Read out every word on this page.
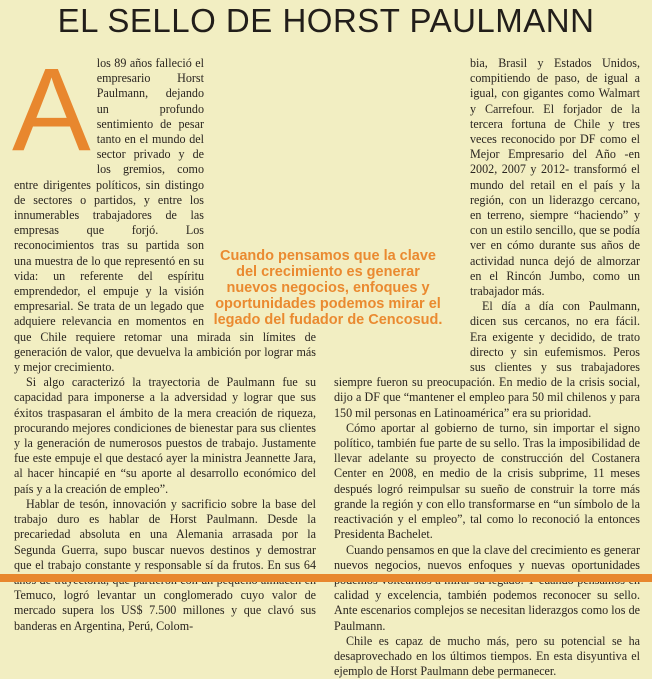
EL SELLO DE HORST PAULMANN
A los 89 años falleció el empresario Horst Paulmann, dejando un profundo sentimiento de pesar tanto en el mundo del sector privado y de los gremios, como entre dirigentes políticos, sin distingo de sectores o partidos, y entre los innumerables trabajadores de las empresas que forjó. Los reconocimientos tras su partida son una muestra de lo que representó en su vida: un referente del espíritu emprendedor, el empuje y la visión empresarial. Se trata de un legado que adquiere relevancia en momentos en que Chile requiere retomar una mirada sin límites de generación de valor, que devuelva la ambición por lograr más y mejor crecimiento.

Si algo caracterizó la trayectoria de Paulmann fue su capacidad para imponerse a la adversidad y lograr que sus éxitos traspasaran el ámbito de la mera creación de riqueza, procurando mejores condiciones de bienestar para sus clientes y la generación de numerosos puestos de trabajo. Justamente fue este empuje el que destacó ayer la ministra Jeannette Jara, al hacer hincapié en “su aporte al desarrollo económico del país y a la creación de empleo”.

Hablar de tesón, innovación y sacrificio sobre la base del trabajo duro es hablar de Horst Paulmann. Desde la precariedad absoluta en una Alemania arrasada por la Segunda Guerra, supo buscar nuevos destinos y demostrar que el trabajo constante y responsable sí da frutos. En sus 64 Temuco, logró levantar un conglomerado cuyo valor de mercado supera los US$ 7.500 millones y que clavó sus banderas en Argentina, Perú, Colom-

bia, Brasil y Estados Unidos, compitiendo de paso, de igual a igual, con gigantes como Walmart y Carrefour. El forjador de la tercera fortuna de Chile y tres veces reconocido por DF como el Mejor Empresario del Año -en 2002, 2007 y 2012- transformó el mundo del retail en el país y la región, con un liderazgo cercano, en terreno, siempre “haciendo” y con un estilo sencillo, que se podía ver en cómo durante sus años de actividad nunca dejó de almorzar en el Rincón Jumbo, como un trabajador más.

El día a día con Paulmann, dicen sus cercanos, no era fácil. Era exigente y decidido, de trato directo y sin eufemismos. Peros sus clientes y sus trabajadores siempre fueron su preocupación. En medio de la crisis social, dijo a DF que “mantener el empleo para 50 mil chilenos y para 150 mil personas en Latinoamérica” era su prioridad.

Cómo aportar al gobierno de turno, sin importar el signo político, también fue parte de su sello. Tras la imposibilidad de llevar adelante su proyecto de construcción del Costanera Center en 2008, en medio de la crisis subprime, 11 meses después logró reimpulsar su sueño de construir la torre más grande la región y con ello transformarse en “un símbolo de la reactivación y el empleo”, tal como lo reconoció la entonces Presidenta Bachelet.

Cuando pensamos en que la clave del crecimiento es generar nuevos negocios, nuevos enfoques y nuevas oportunidades calidad y excelencia, también podemos reconocer su sello. Ante escenarios complejos se necesitan liderazgos como los de Paulmann.

Chile es capaz de mucho más, pero su potencial se ha desaprovechado en los últimos tiempos. En esta disyuntiva el ejemplo de Horst Paulmann debe permanecer.

Cuando pensamos que la clave del crecimiento es generar nuevos negocios, enfoques y oportunidades podemos mirar el legado del fudador de Cencosud.
